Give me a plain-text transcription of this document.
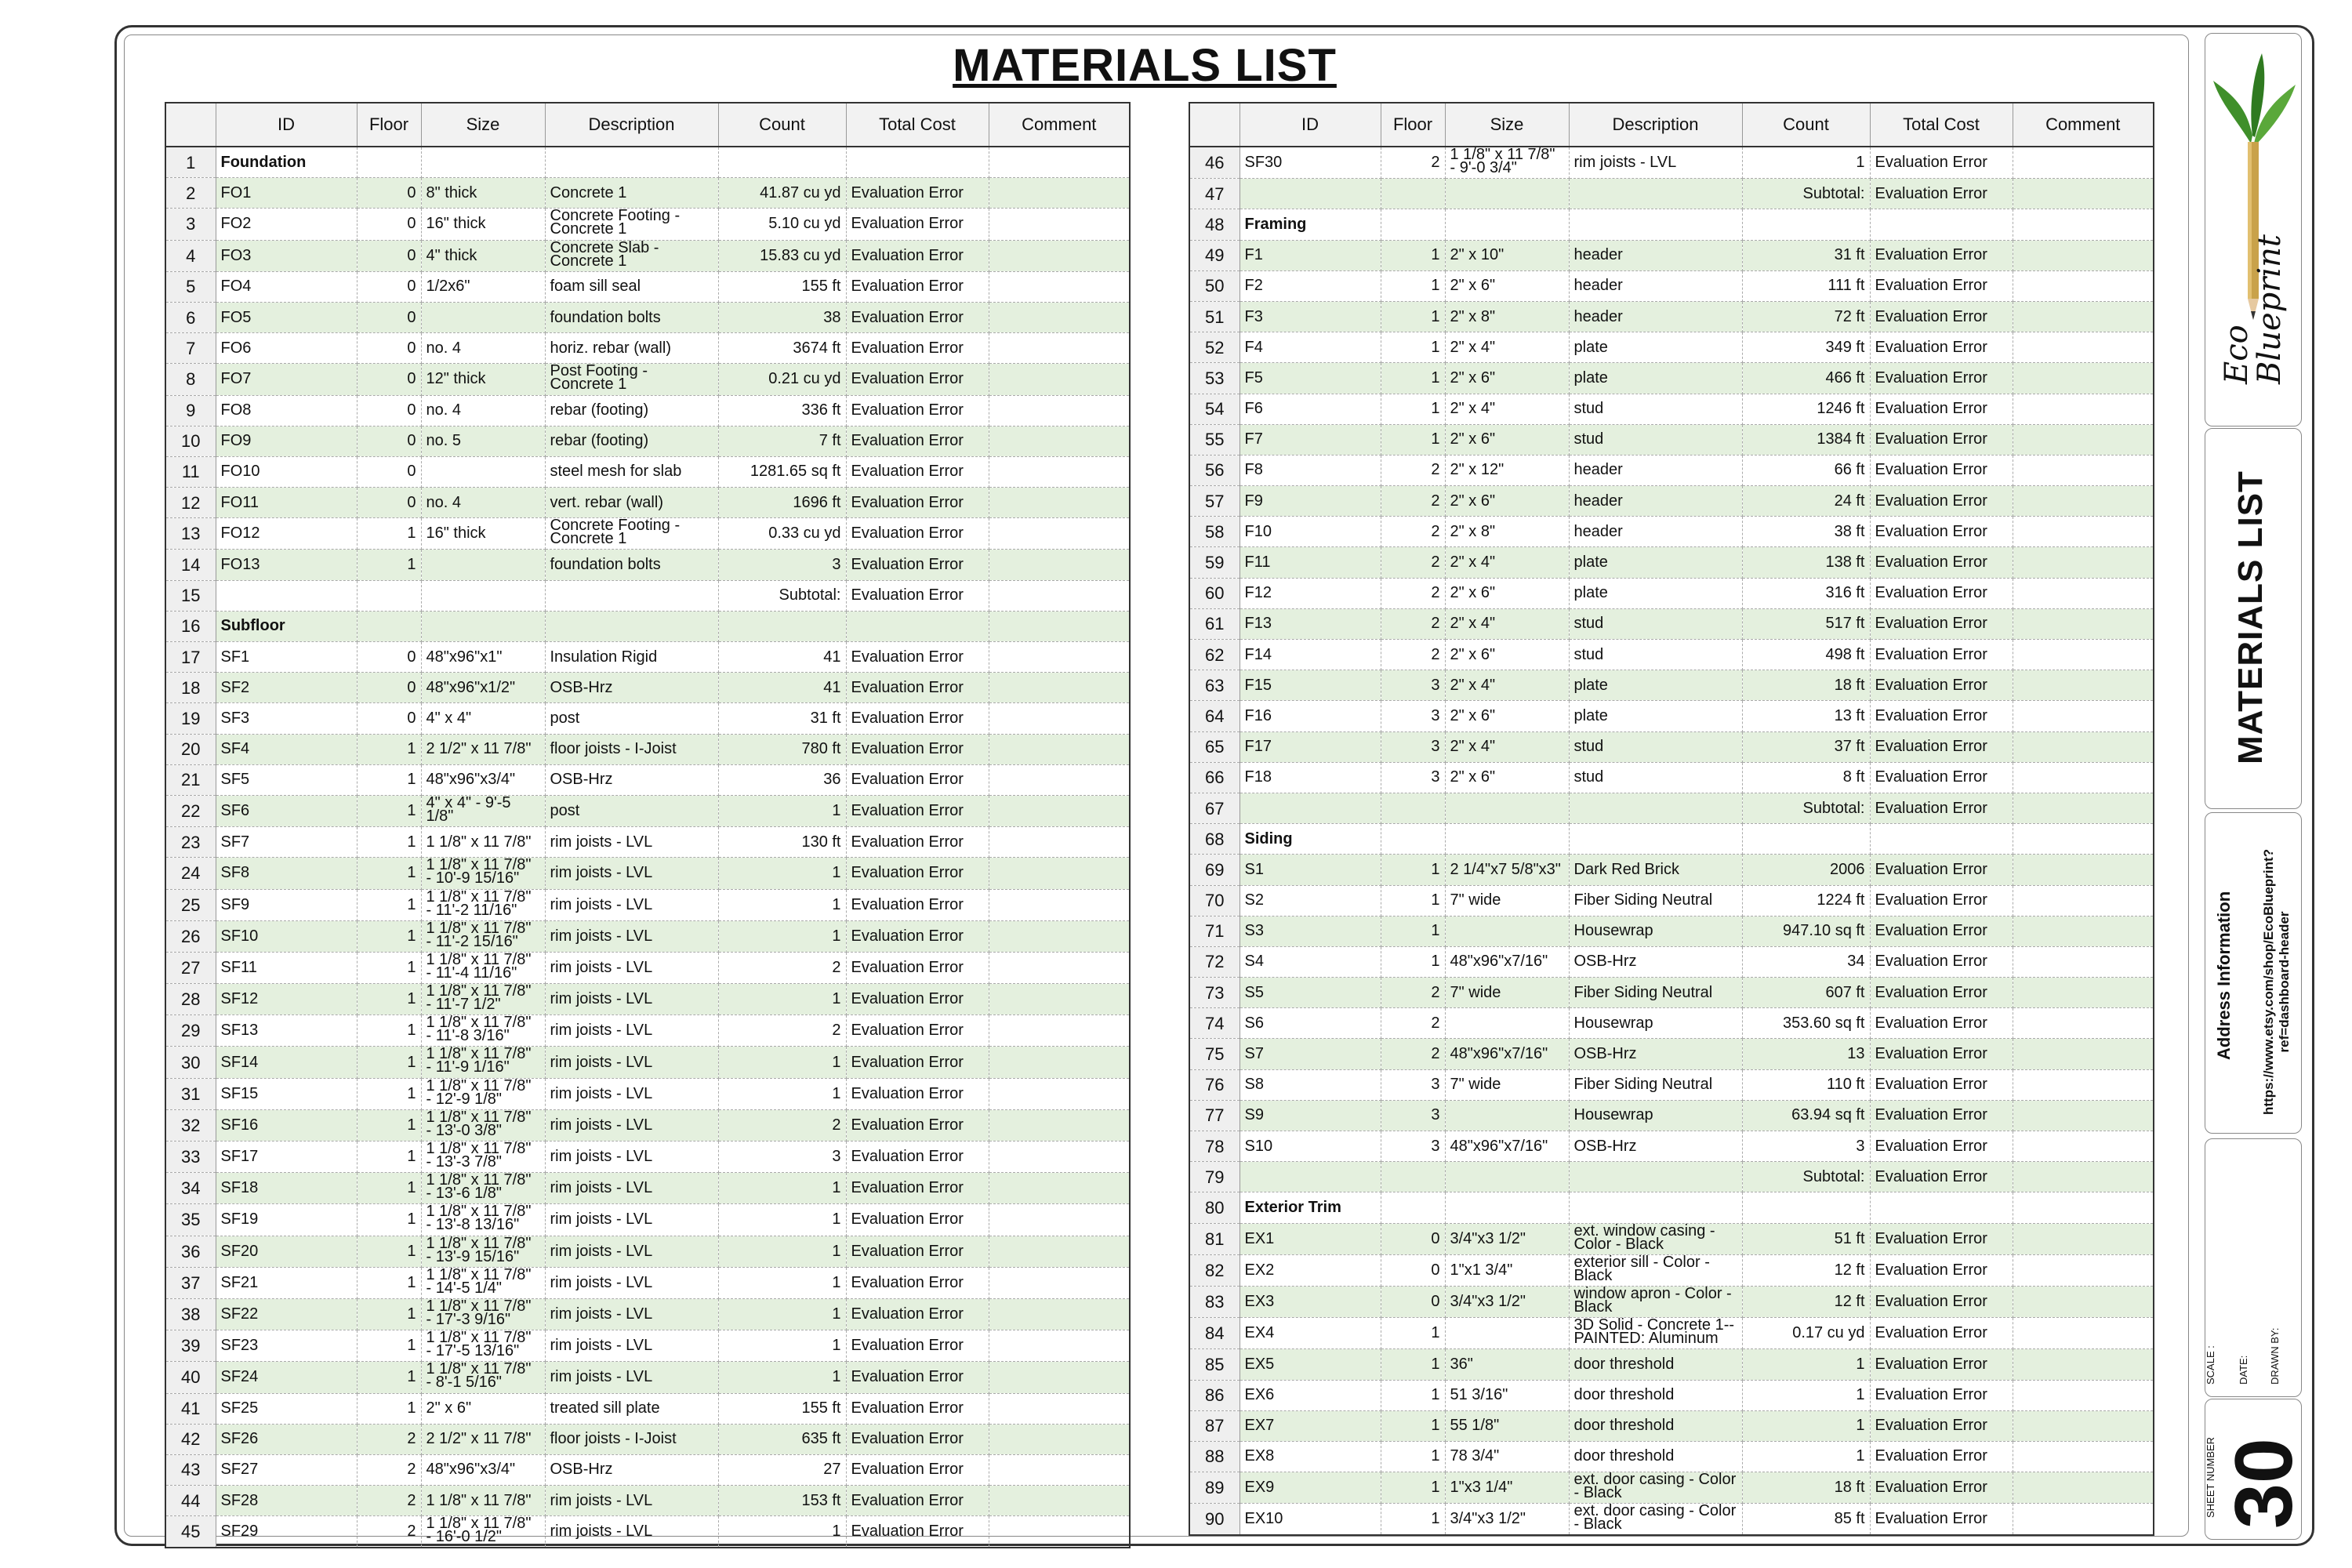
MATERIALS LIST
	ID	Floor	Size	Description	Count	Total Cost	Comment
1	Foundation						
2	FO1	0	8" thick	Concrete 1	41.87 cu yd	Evaluation Error	
3	FO2	0	16" thick	Concrete Footing - Concrete 1	5.10 cu yd	Evaluation Error	
4	FO3	0	4" thick	Concrete Slab - Concrete 1	15.83 cu yd	Evaluation Error	
5	FO4	0	1/2x6"	foam sill seal	155 ft	Evaluation Error	
6	FO5	0		foundation bolts	38	Evaluation Error	
7	FO6	0	no. 4	horiz. rebar (wall)	3674 ft	Evaluation Error	
8	FO7	0	12" thick	Post Footing - Concrete 1	0.21 cu yd	Evaluation Error	
9	FO8	0	no. 4	rebar (footing)	336 ft	Evaluation Error	
10	FO9	0	no. 5	rebar (footing)	7 ft	Evaluation Error	
11	FO10	0		steel mesh for slab	1281.65 sq ft	Evaluation Error	
12	FO11	0	no. 4	vert. rebar (wall)	1696 ft	Evaluation Error	
13	FO12	1	16" thick	Concrete Footing - Concrete 1	0.33 cu yd	Evaluation Error	
14	FO13	1		foundation bolts	3	Evaluation Error	
15					Subtotal:	Evaluation Error	
16	Subfloor						
17	SF1	0	48"x96"x1"	Insulation Rigid	41	Evaluation Error	
18	SF2	0	48"x96"x1/2"	OSB-Hrz	41	Evaluation Error	
19	SF3	0	4" x 4"	post	31 ft	Evaluation Error	
20	SF4	1	2 1/2" x 11 7/8"	floor joists - I-Joist	780 ft	Evaluation Error	
21	SF5	1	48"x96"x3/4"	OSB-Hrz	36	Evaluation Error	
22	SF6	1	4" x 4" - 9'-5 1/8"	post	1	Evaluation Error	
23	SF7	1	1 1/8" x 11 7/8"	rim joists - LVL	130 ft	Evaluation Error	
24	SF8	1	1 1/8" x 11 7/8" - 10'-9 15/16"	rim joists - LVL	1	Evaluation Error	
25	SF9	1	1 1/8" x 11 7/8" - 11'-2 11/16"	rim joists - LVL	1	Evaluation Error	
26	SF10	1	1 1/8" x 11 7/8" - 11'-2 15/16"	rim joists - LVL	1	Evaluation Error	
27	SF11	1	1 1/8" x 11 7/8" - 11'-4 11/16"	rim joists - LVL	2	Evaluation Error	
28	SF12	1	1 1/8" x 11 7/8" - 11'-7 1/2"	rim joists - LVL	1	Evaluation Error	
29	SF13	1	1 1/8" x 11 7/8" - 11'-8 3/16"	rim joists - LVL	2	Evaluation Error	
30	SF14	1	1 1/8" x 11 7/8" - 11'-9 1/16"	rim joists - LVL	1	Evaluation Error	
31	SF15	1	1 1/8" x 11 7/8" - 12'-9 1/8"	rim joists - LVL	1	Evaluation Error	
32	SF16	1	1 1/8" x 11 7/8" - 13'-0 3/8"	rim joists - LVL	2	Evaluation Error	
33	SF17	1	1 1/8" x 11 7/8" - 13'-3 7/8"	rim joists - LVL	3	Evaluation Error	
34	SF18	1	1 1/8" x 11 7/8" - 13'-6 1/8"	rim joists - LVL	1	Evaluation Error	
35	SF19	1	1 1/8" x 11 7/8" - 13'-8 13/16"	rim joists - LVL	1	Evaluation Error	
36	SF20	1	1 1/8" x 11 7/8" - 13'-9 15/16"	rim joists - LVL	1	Evaluation Error	
37	SF21	1	1 1/8" x 11 7/8" - 14'-5 1/4"	rim joists - LVL	1	Evaluation Error	
38	SF22	1	1 1/8" x 11 7/8" - 17'-3 9/16"	rim joists - LVL	1	Evaluation Error	
39	SF23	1	1 1/8" x 11 7/8" - 17'-5 13/16"	rim joists - LVL	1	Evaluation Error	
40	SF24	1	1 1/8" x 11 7/8" - 8'-1 5/16"	rim joists - LVL	1	Evaluation Error	
41	SF25	1	2" x 6"	treated sill plate	155 ft	Evaluation Error	
42	SF26	2	2 1/2" x 11 7/8"	floor joists - I-Joist	635 ft	Evaluation Error	
43	SF27	2	48"x96"x3/4"	OSB-Hrz	27	Evaluation Error	
44	SF28	2	1 1/8" x 11 7/8"	rim joists - LVL	153 ft	Evaluation Error	
45	SF29	2	1 1/8" x 11 7/8" - 16'-0 1/2"	rim joists - LVL	1	Evaluation Error	
	ID	Floor	Size	Description	Count	Total Cost	Comment
46	SF30	2	1 1/8" x 11 7/8" - 9'-0 3/4"	rim joists - LVL	1	Evaluation Error	
47					Subtotal:	Evaluation Error	
48	Framing						
49	F1	1	2" x 10"	header	31 ft	Evaluation Error	
50	F2	1	2" x 6"	header	111 ft	Evaluation Error	
51	F3	1	2" x 8"	header	72 ft	Evaluation Error	
52	F4	1	2" x 4"	plate	349 ft	Evaluation Error	
53	F5	1	2" x 6"	plate	466 ft	Evaluation Error	
54	F6	1	2" x 4"	stud	1246 ft	Evaluation Error	
55	F7	1	2" x 6"	stud	1384 ft	Evaluation Error	
56	F8	2	2" x 12"	header	66 ft	Evaluation Error	
57	F9	2	2" x 6"	header	24 ft	Evaluation Error	
58	F10	2	2" x 8"	header	38 ft	Evaluation Error	
59	F11	2	2" x 4"	plate	138 ft	Evaluation Error	
60	F12	2	2" x 6"	plate	316 ft	Evaluation Error	
61	F13	2	2" x 4"	stud	517 ft	Evaluation Error	
62	F14	2	2" x 6"	stud	498 ft	Evaluation Error	
63	F15	3	2" x 4"	plate	18 ft	Evaluation Error	
64	F16	3	2" x 6"	plate	13 ft	Evaluation Error	
65	F17	3	2" x 4"	stud	37 ft	Evaluation Error	
66	F18	3	2" x 6"	stud	8 ft	Evaluation Error	
67					Subtotal:	Evaluation Error	
68	Siding						
69	S1	1	2 1/4"x7 5/8"x3"	Dark Red Brick	2006	Evaluation Error	
70	S2	1	7" wide	Fiber Siding Neutral	1224 ft	Evaluation Error	
71	S3	1		Housewrap	947.10 sq ft	Evaluation Error	
72	S4	1	48"x96"x7/16"	OSB-Hrz	34	Evaluation Error	
73	S5	2	7" wide	Fiber Siding Neutral	607 ft	Evaluation Error	
74	S6	2		Housewrap	353.60 sq ft	Evaluation Error	
75	S7	2	48"x96"x7/16"	OSB-Hrz	13	Evaluation Error	
76	S8	3	7" wide	Fiber Siding Neutral	110 ft	Evaluation Error	
77	S9	3		Housewrap	63.94 sq ft	Evaluation Error	
78	S10	3	48"x96"x7/16"	OSB-Hrz	3	Evaluation Error	
79					Subtotal:	Evaluation Error	
80	Exterior Trim						
81	EX1	0	3/4"x3 1/2"	ext. window casing - Color - Black	51 ft	Evaluation Error	
82	EX2	0	1"x1 3/4"	exterior sill - Color - Black	12 ft	Evaluation Error	
83	EX3	0	3/4"x3 1/2"	window apron - Color - Black	12 ft	Evaluation Error	
84	EX4	1		3D Solid - Concrete 1-- PAINTED: Aluminum	0.17 cu yd	Evaluation Error	
85	EX5	1	36"	door threshold	1	Evaluation Error	
86	EX6	1	51 3/16"	door threshold	1	Evaluation Error	
87	EX7	1	55 1/8"	door threshold	1	Evaluation Error	
88	EX8	1	78 3/4"	door threshold	1	Evaluation Error	
89	EX9	1	1"x3 1/4"	ext. door casing - Color - Black	18 ft	Evaluation Error	
90	EX10	1	3/4"x3 1/2"	ext. door casing - Color - Black	85 ft	Evaluation Error	
Eco
Blueprint
MATERIALS LIST
Address Information https://www.etsy.com/shop/EcoBlueprint? ref=dashboard-header
SCALE : DATE: DRAWN BY:
SHEET NUMBER 30
